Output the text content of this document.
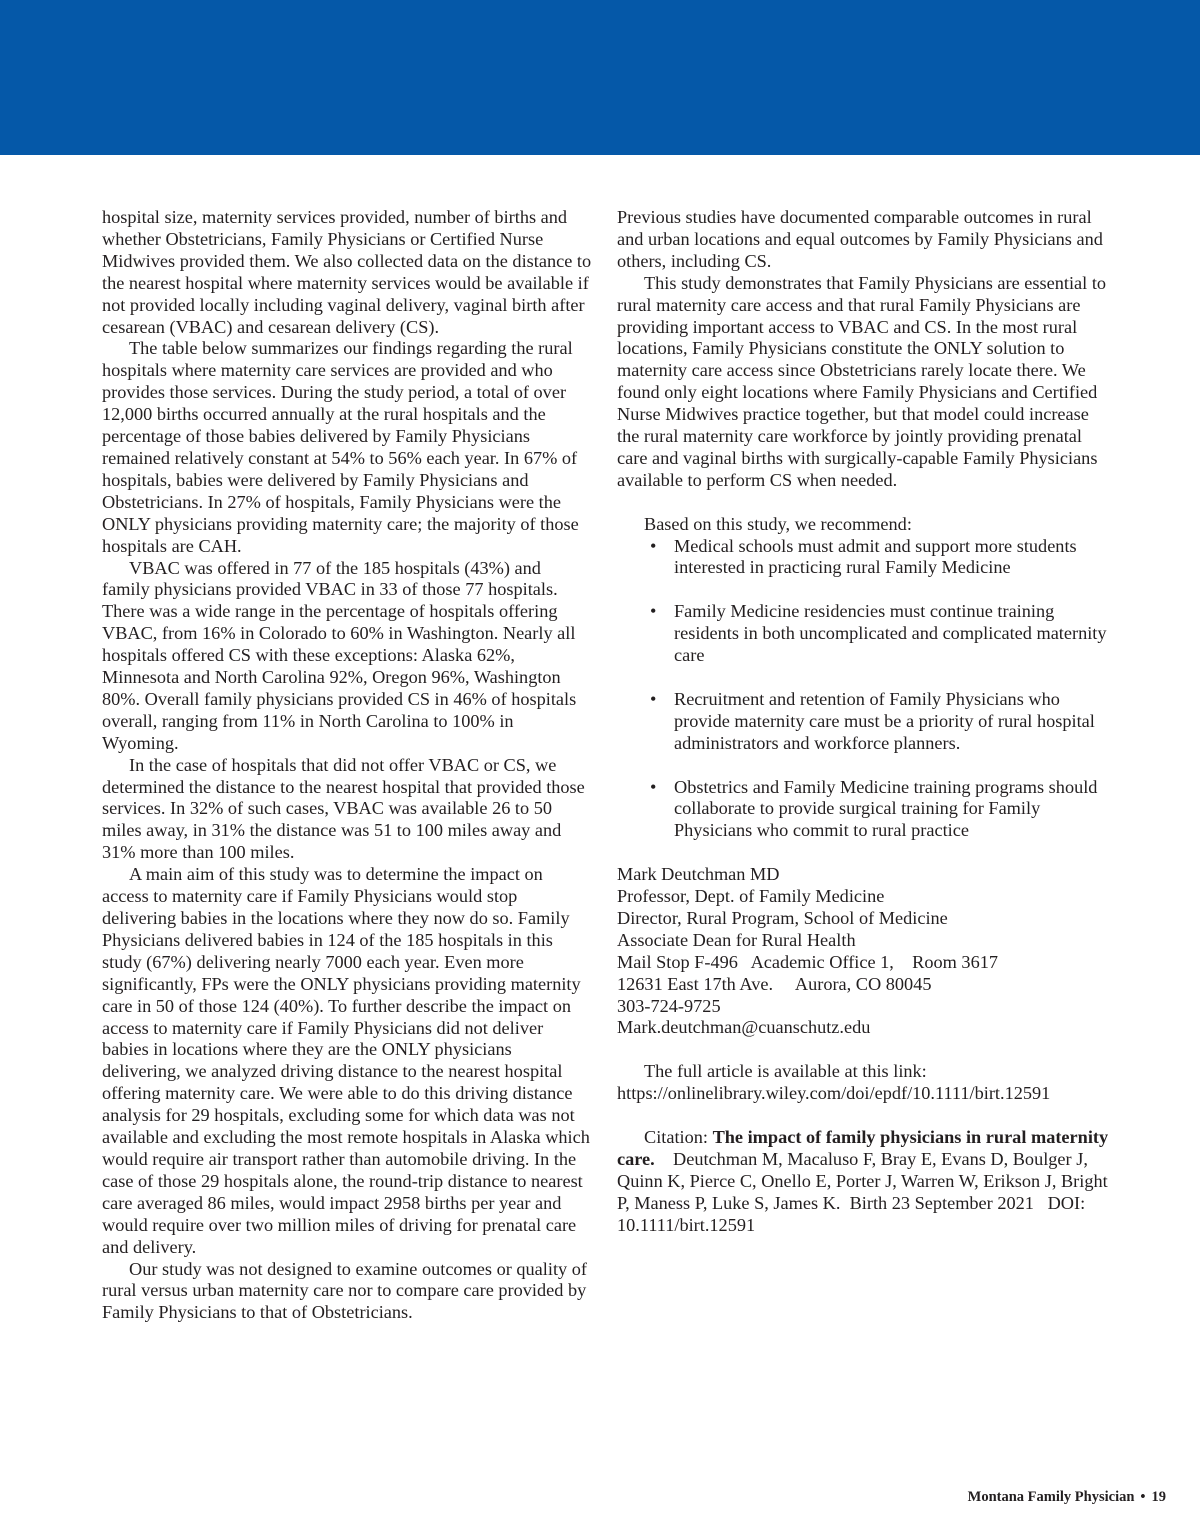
hospital size, maternity services provided, number of births and whether Obstetricians, Family Physicians or Certified Nurse Midwives provided them. We also collected data on the distance to the nearest hospital where maternity services would be available if not provided locally including vaginal delivery, vaginal birth after cesarean (VBAC) and cesarean delivery (CS).

The table below summarizes our findings regarding the rural hospitals where maternity care services are provided and who provides those services. During the study period, a total of over 12,000 births occurred annually at the rural hospitals and the percentage of those babies delivered by Family Physicians remained relatively constant at 54% to 56% each year. In 67% of hospitals, babies were delivered by Family Physicians and Obstetricians. In 27% of hospitals, Family Physicians were the ONLY physicians providing maternity care; the majority of those hospitals are CAH.

VBAC was offered in 77 of the 185 hospitals (43%) and family physicians provided VBAC in 33 of those 77 hospitals. There was a wide range in the percentage of hospitals offering VBAC, from 16% in Colorado to 60% in Washington. Nearly all hospitals offered CS with these exceptions: Alaska 62%, Minnesota and North Carolina 92%, Oregon 96%, Washington 80%. Overall family physicians provided CS in 46% of hospitals overall, ranging from 11% in North Carolina to 100% in Wyoming.

In the case of hospitals that did not offer VBAC or CS, we determined the distance to the nearest hospital that provided those services. In 32% of such cases, VBAC was available 26 to 50 miles away, in 31% the distance was 51 to 100 miles away and 31% more than 100 miles.

A main aim of this study was to determine the impact on access to maternity care if Family Physicians would stop delivering babies in the locations where they now do so. Family Physicians delivered babies in 124 of the 185 hospitals in this study (67%) delivering nearly 7000 each year. Even more significantly, FPs were the ONLY physicians providing maternity care in 50 of those 124 (40%). To further describe the impact on access to maternity care if Family Physicians did not deliver babies in locations where they are the ONLY physicians delivering, we analyzed driving distance to the nearest hospital offering maternity care. We were able to do this driving distance analysis for 29 hospitals, excluding some for which data was not available and excluding the most remote hospitals in Alaska which would require air transport rather than automobile driving. In the case of those 29 hospitals alone, the round-trip distance to nearest care averaged 86 miles, would impact 2958 births per year and would require over two million miles of driving for prenatal care and delivery.

Our study was not designed to examine outcomes or quality of rural versus urban maternity care nor to compare care provided by Family Physicians to that of Obstetricians.

Previous studies have documented comparable outcomes in rural and urban locations and equal outcomes by Family Physicians and others, including CS.

This study demonstrates that Family Physicians are essential to rural maternity care access and that rural Family Physicians are providing important access to VBAC and CS. In the most rural locations, Family Physicians constitute the ONLY solution to maternity care access since Obstetricians rarely locate there. We found only eight locations where Family Physicians and Certified Nurse Midwives practice together, but that model could increase the rural maternity care workforce by jointly providing prenatal care and vaginal births with surgically-capable Family Physicians available to perform CS when needed.

Based on this study, we recommend:

• Medical schools must admit and support more students interested in practicing rural Family Medicine
• Family Medicine residencies must continue training residents in both uncomplicated and complicated maternity care
• Recruitment and retention of Family Physicians who provide maternity care must be a priority of rural hospital administrators and workforce planners.
• Obstetrics and Family Medicine training programs should collaborate to provide surgical training for Family Physicians who commit to rural practice

Mark Deutchman MD

Professor, Dept. of Family Medicine

Director, Rural Program, School of Medicine

Associate Dean for Rural Health

Mail Stop F-496   Academic Office 1,    Room 3617

12631 East 17th Ave.     Aurora, CO 80045

303-724-9725

Mark.deutchman@cuanschutz.edu

The full article is available at this link: https://onlinelibrary.wiley.com/doi/epdf/10.1111/birt.12591

Citation: The impact of family physicians in rural maternity care.    Deutchman M, Macaluso F, Bray E, Evans D, Boulger J, Quinn K, Pierce C, Onello E, Porter J, Warren W, Erikson J, Bright P, Maness P, Luke S, James K.  Birth 23 September 2021   DOI: 10.1111/birt.12591

Montana Family Physician • 19
